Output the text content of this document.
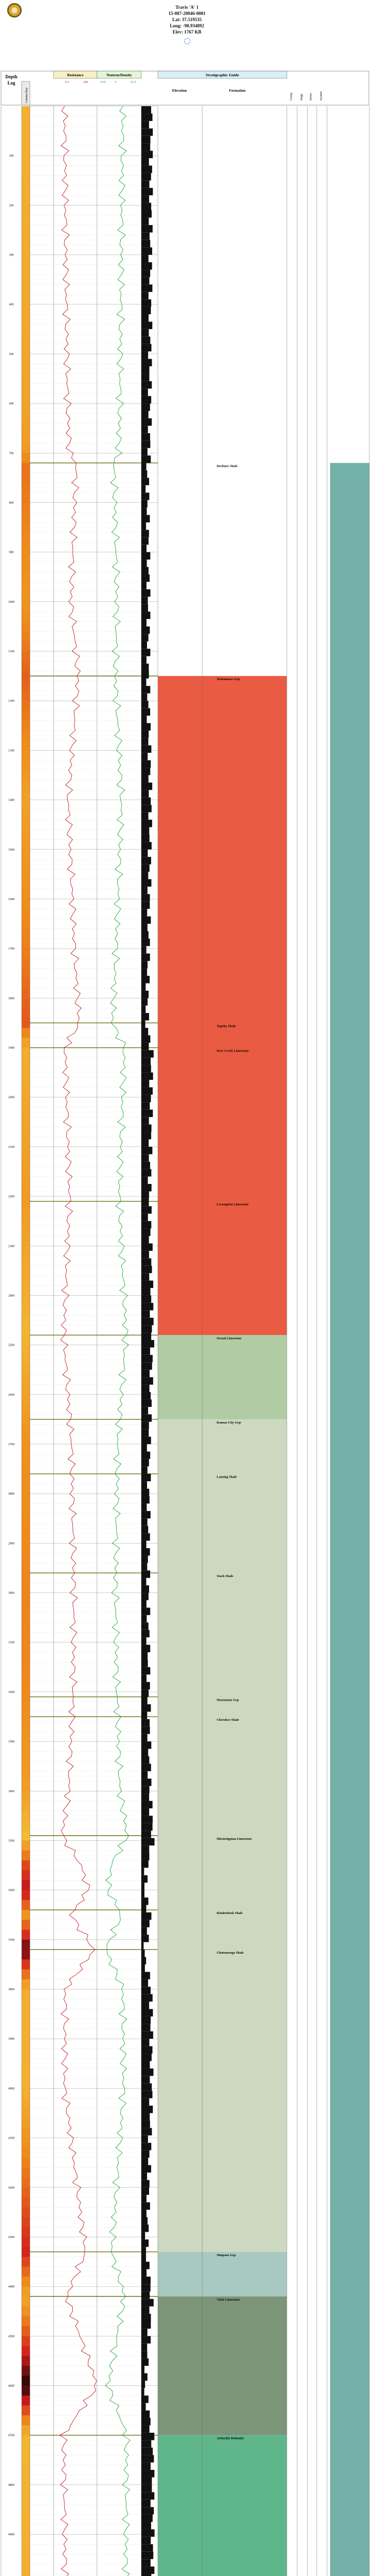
Travis 'A' 1
15-087-20046-0001
Lat: 37.519535
Long: -98.934892
Elev: 1767 KB
Depth
Log
Gamma Ray
Resistance
0.2	200
Neutron/Density
0.45	0	-0.15
Stratigraphic Guide
Elevation	Formation
Group Stage Series System
100
200
300
400
500
600
700
800
900
1000
1100
1200
1300
1400
1500
1600
1700
1800
1900
2000
2100
2200
2300
2400
2500
2600
2700
2800
2900
3000
3100
3200
3300
3400
3500
3600
3700
3800
3900
4000
4100
4200
4300
4400
4500
4600
4700
4800
4900
Heebner Shale
Wabaunsee Grp
Topeka Shale
Deer Creek Limestone
Lecompton Limestone
Oread Limestone
Kansas City Grp
Lansing Shale
Stark Shale
Marmaton Grp
Cherokee Shale
Mississippian Limestone
Kinderhook Shale
Chattanooga Shale
Simpson Grp
Viola Limestone
Arbuckle Dolomite
